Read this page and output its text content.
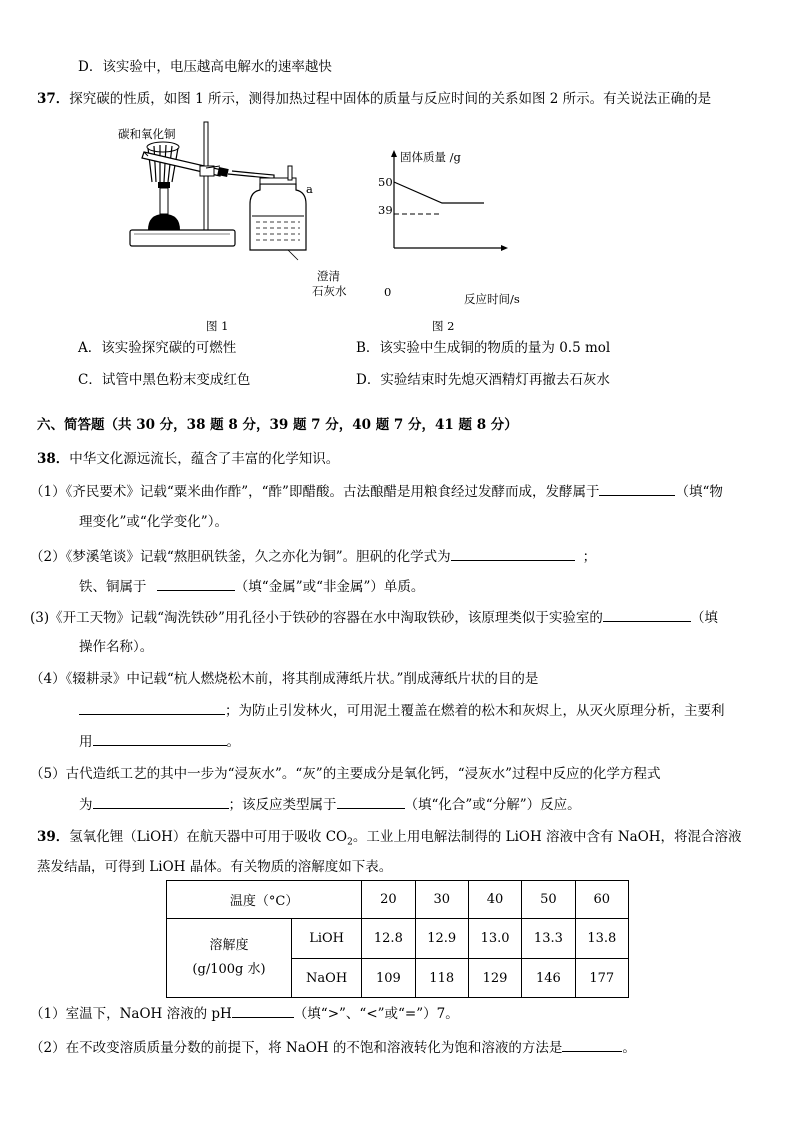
D．该实验中，电压越高电解水的速率越快
37．探究碳的性质，如图 1 所示，测得加热过程中固体的质量与反应时间的关系如图 2 所示。有关说法正确的是
碳和氧化铜
a
澄清
石灰水
图 1
固体质量 /g
50
39
0	反应时间/s
图 2
A．该实验探究碳的可燃性	B．该实验中生成铜的物质的量为 0.5 mol
C．试管中黑色粉末变成红色	D．实验结束时先熄灭酒精灯再撤去石灰水
六、简答题（共 30 分，38 题 8 分，39 题 7 分，40 题 7 分，41 题 8 分）
38．中华文化源远流长，蕴含了丰富的化学知识。
（1）《齐民要术》记载“粟米曲作酢”，“酢”即醋酸。古法酿醋是用粮食经过发酵而成，发酵属于	（填“物
理变化”或“化学变化”）。
（2）《梦溪笔谈》记载“熬胆矾铁釜，久之亦化为铜”。胆矾的化学式为	；
铁、铜属于	（填“金属”或“非金属”）单质。
(3)《开工天物》记载“淘洗铁砂”用孔径小于铁砂的容器在水中淘取铁砂，该原理类似于实验室的	（填
操作名称）。
（4）《辍耕录》中记载“杭人燃烧松木前，将其削成薄纸片状。”削成薄纸片状的目的是
；为防止引发林火，可用泥土覆盖在燃着的松木和灰烬上，从灭火原理分析，主要利
用	。
（5）古代造纸工艺的其中一步为“浸灰水”。“灰”的主要成分是氧化钙，“浸灰水”过程中反应的化学方程式
为	；该反应类型属于	（填“化合”或“分解”）反应。
39．氢氧化锂（LiOH）在航天器中可用于吸收 $CO_2$。工业上用电解法制得的 LiOH 溶液中含有 NaOH，将混合溶液
蒸发结晶，可得到 LiOH 晶体。有关物质的溶解度如下表。
温度（°C）		20	30	40	50	60
溶解度
(g/100g 水)	LiOH	12.8	12.9	13.0	13.3	13.8
	NaOH	109	118	129	146	177
（1）室温下，NaOH 溶液的 pH	（填“>”、“<”或“=”）7。
（2）在不改变溶质质量分数的前提下，将 NaOH 的不饱和溶液转化为饱和溶液的方法是	。
